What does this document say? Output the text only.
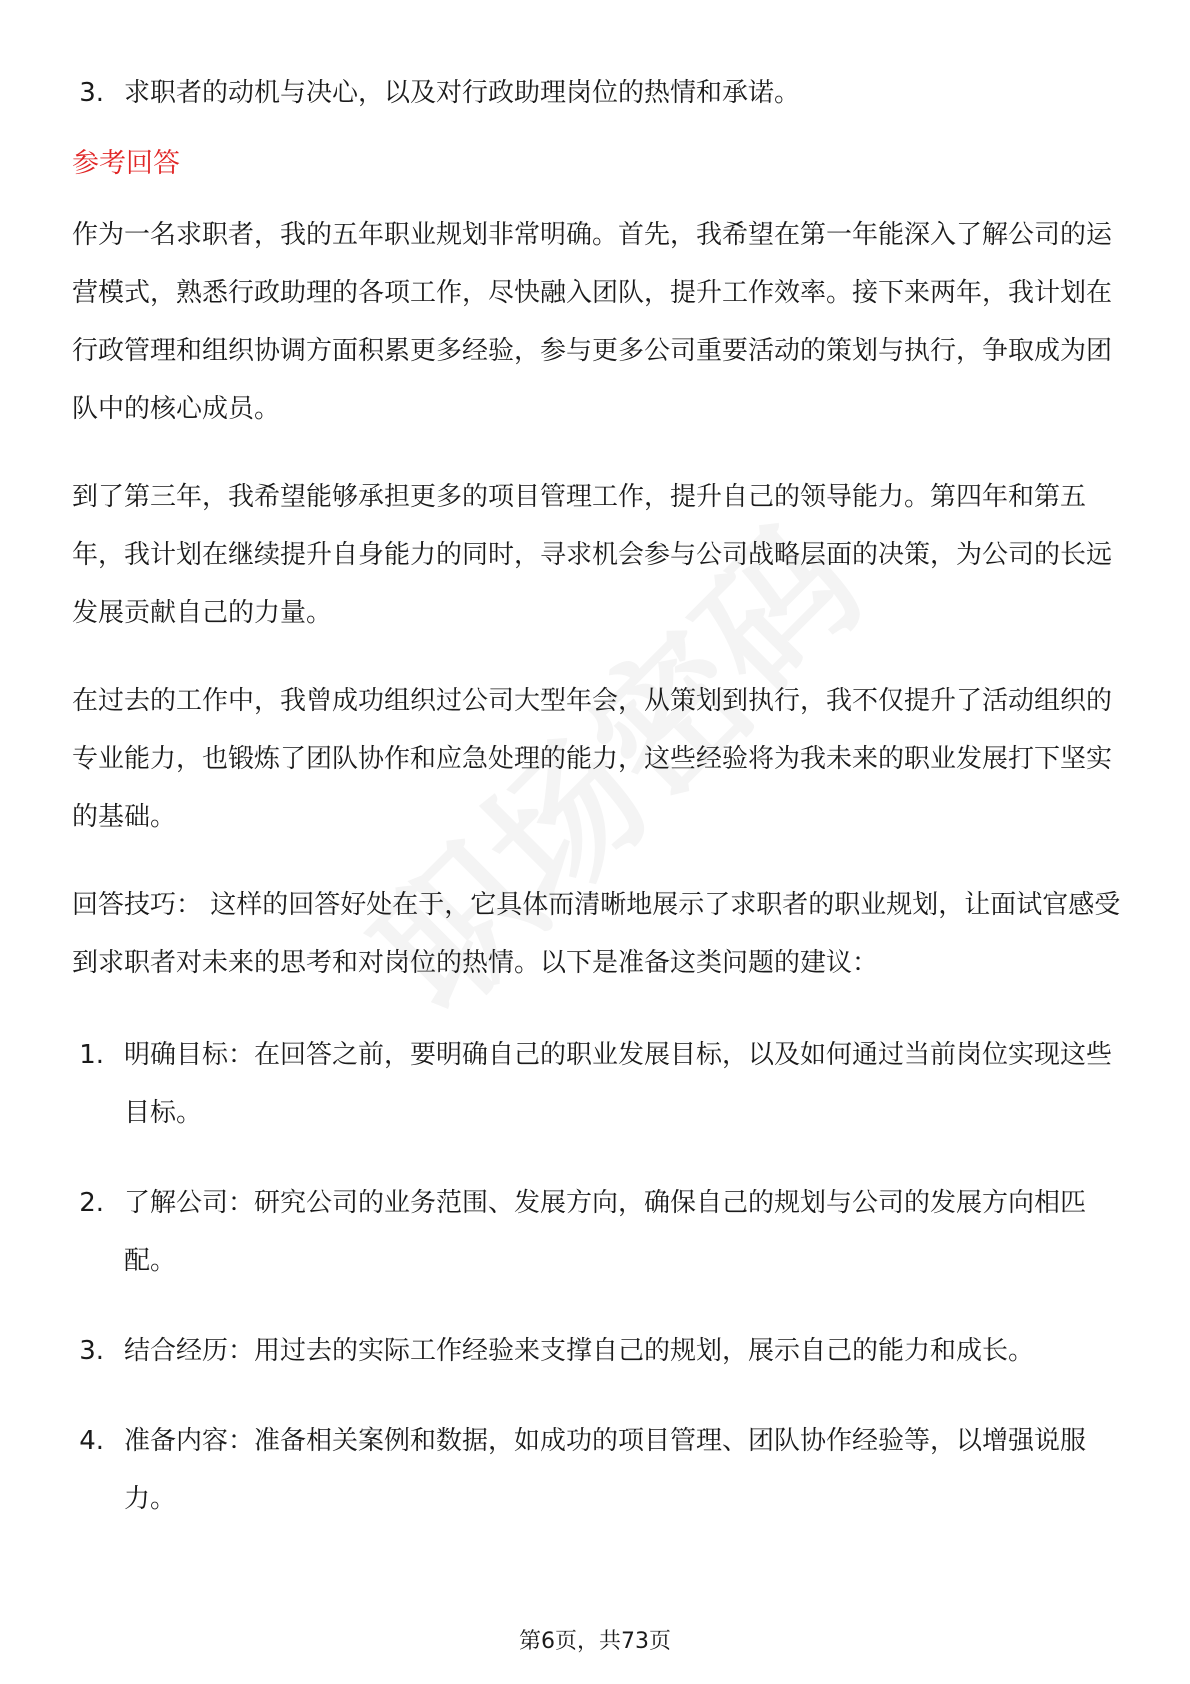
3. 求职者的动机与决心，以及对行政助理岗位的热情和承诺。
参考回答

作为一名求职者，我的五年职业规划非常明确。首先，我希望在第一年能深入了解公司的运营模式，熟悉行政助理的各项工作，尽快融入团队，提升工作效率。接下来两年，我计划在行政管理和组织协调方面积累更多经验，参与更多公司重要活动的策划与执行，争取成为团队中的核心成员。

到了第三年，我希望能够承担更多的项目管理工作，提升自己的领导能力。第四年和第五年，我计划在继续提升自身能力的同时，寻求机会参与公司战略层面的决策，为公司的长远发展贡献自己的力量。

在过去的工作中，我曾成功组织过公司大型年会，从策划到执行，我不仅提升了活动组织的专业能力，也锻炼了团队协作和应急处理的能力，这些经验将为我未来的职业发展打下坚实的基础。

回答技巧： 这样的回答好处在于，它具体而清晰地展示了求职者的职业规划，让面试官感受到求职者对未来的思考和对岗位的热情。以下是准备这类问题的建议：

1. 明确目标：在回答之前，要明确自己的职业发展目标，以及如何通过当前岗位实现这些目标。
2. 了解公司：研究公司的业务范围、发展方向，确保自己的规划与公司的发展方向相匹配。
3. 结合经历：用过去的实际工作经验来支撑自己的规划，展示自己的能力和成长。
4. 准备内容：准备相关案例和数据，如成功的项目管理、团队协作经验等，以增强说服力。
第6页，共73页
